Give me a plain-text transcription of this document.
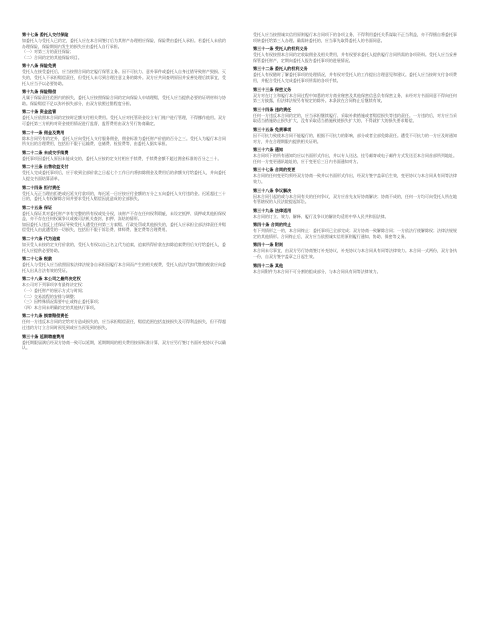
第十七条 委托人交付保险
如委托人与受托人已约定，委托人应在本合同签订后为其财产办理相应保险，保险费由委托人承担。若委托人未依约办理保险，保险期间内发生的损失应由委托人自行承担。
（一）对第三方的责任保险；
（二）合同约定的其他保险项目。
第十八条 保险免责
受托人在接受委托后，应当按照合同约定履行保管义务。因不可抗力、意外事件或委托人自身过错导致财产毁损、灭失的，受托人不承担赔偿责任，但受托人未尽到合理注意义务的除外。双方应共同查明原因并妥善处理后续事宜，受托人应当予以必要协助。
第十九条 保险赔偿
凡属于保险责任范围内的损失，委托人应按照保险合同约定向保险人申请理赔，受托人应当提供必要的证明材料与协助。保险赔偿不足以弥补损失部分，由双方依照过错程度分担。
第二十条 资金监管
委托人应依照本合同约定按时足额支付相关费用。受托人应对托管资金设立专门账户进行管理，不得挪作他用。双方可委托第三方机构对资金使用情况进行监督，监管费用由双方另行协商确定。
第二十一条 佣金及费用
除本合同另有约定外，委托人应向受托人支付服务佣金，佣金标准为委托财产价值的百分之三。受托人为履行本合同所支出的合理费用，包括但不限于运输费、仓储费、检验费等，由委托人据实承担。
第二十二条 未成交手续费
委托事项因委托人原因未能成交的，委托人应按约定支付相应手续费，手续费金额不超过佣金标准的百分之三十。
第二十三条 出售收益支付
受托人完成委托事项后，应于收到全部价款之日起七个工作日内将扣除佣金及费用后的余额支付给委托人，并向委托人提交书面结算清单。
第二十四条 拒付责任
受托人无正当理由拒绝或迟延支付款项的，每迟延一日应按应付金额的万分之五向委托人支付违约金。迟延超过三十日的，委托人有权解除合同并要求受托人赔偿因此造成的全部损失。
第二十五条 保证
委托人保证其对委托财产享有完整的所有权或处分权，该财产不存在任何权利瑕疵，未设定抵押、质押或其他担保权益，亦不存在任何权属争议或被司法机关查封、扣押、冻结的情形。
如因委托人违反上述保证导致受托人遭受任何第三方索赔、行政处罚或其他损失的，委托人应承担全部法律责任并赔偿受托人由此遭受的一切损失，包括但不限于诉讼费、律师费、鉴定费等合理费用。
第二十六条 代为追索
如买受人未按约定支付价款的，受托人有权以自己名义代为追索，追索所得价款在扣除追索费用后支付给委托人，委托人应提供必要协助。
第二十七条 税款
委托人与受托人应当依照国家法律法规各自承担因履行本合同而产生的相关税费，受托人依法代扣代缴的税款应向委托人出具合法有效的凭证。
第二十八条 本公司之最终决定权
本公司对下列事项享有最终决定权：
（一）委托财产的展示方式与时间；
（二）交易流程的安排与调整；
（三）因特殊情况需要中止或终止委托事项；
（四）本合同未明确约定的其他执行事项。
第二十九条 损害赔偿责任
任何一方违反本合同约定给对方造成损失的，应当承担赔偿责任，赔偿范围包括直接损失及可得利益损失，但不得超过违约方订立合同时预见到或应当预见到的损失。
第三十条 延期聘雇费用
委托期限届满后经双方协商一致可以延期，延期期间的相关费用按原标准计算，双方应另行签订书面补充协议予以确认。
受托人应当按照诚实信用原则履行本合同项下的各项义务，不得利用委托关系谋取不正当利益，亦不得擅自将委托事项转委托给第三人办理。确需转委托的，应当事先取得委托人的书面同意。
第三十一条 受托人的权利义务
受托人有权按照本合同约定收取佣金及相关费用，并有权要求委托人提供履行合同所需的各项资料。受托人应当妥善保管委托财产，定期向委托人报告委托事项的进展情况。
第三十二条 委托人的权利义务
委托人有权随时了解委托事项的处理情况，并有权对受托人的工作提出合理意见和建议。委托人应当按时支付各项费用，并配合受托人完成委托事项所需的各项手续。
第三十三条 保密义务
双方对在订立和履行本合同过程中知悉的对方商业秘密及其他保密信息负有保密义务，未经对方书面同意不得向任何第三方披露，但法律法规另有规定的除外。本条款在合同终止后继续有效。
第三十四条 违约责任
任何一方违反本合同约定的，应当承担继续履行、采取补救措施或者赔偿损失等违约责任。一方违约后，对方应当采取适当措施防止损失扩大，没有采取适当措施致使损失扩大的，不得就扩大的损失要求赔偿。
第三十五条 免责事项
因不可抗力致使本合同不能履行的，根据不可抗力的影响，部分或者全部免除责任。遭受不可抗力的一方应及时通知对方，并在合理期限内提供相关证明。
第三十六条 通知
本合同项下的所有通知均应以书面形式作出，并以专人送达、挂号邮寄或电子邮件方式发送至本合同首部所列地址。任何一方变更通讯地址的，应于变更后三日内书面通知对方。
第三十七条 合同的变更
本合同的任何变更均须经双方协商一致并以书面形式作出，经双方签字盖章后生效，变更协议与本合同具有同等法律效力。
第三十八条 争议解决
因本合同引起的或与本合同有关的任何争议，双方应首先友好协商解决；协商不成的，任何一方均可向受托人所在地有管辖权的人民法院提起诉讼。
第三十九条 法律适用
本合同的订立、效力、解释、履行及争议的解决均适用中华人民共和国法律。
第四十条 合同的终止
有下列情形之一的，本合同终止：委托事项已全部完成；双方协商一致解除合同；一方依法行使解除权；法律法规规定的其他情形。合同终止后，双方应当依照诚实信用原则履行通知、协助、保密等义务。
第四十一条 附则
本合同未尽事宜，由双方另行协商签订补充协议，补充协议与本合同具有同等法律效力。本合同一式两份，双方各执一份，自双方签字盖章之日起生效。
第四十二条 其他
本合同附件为本合同不可分割的组成部分，与本合同具有同等法律效力。
